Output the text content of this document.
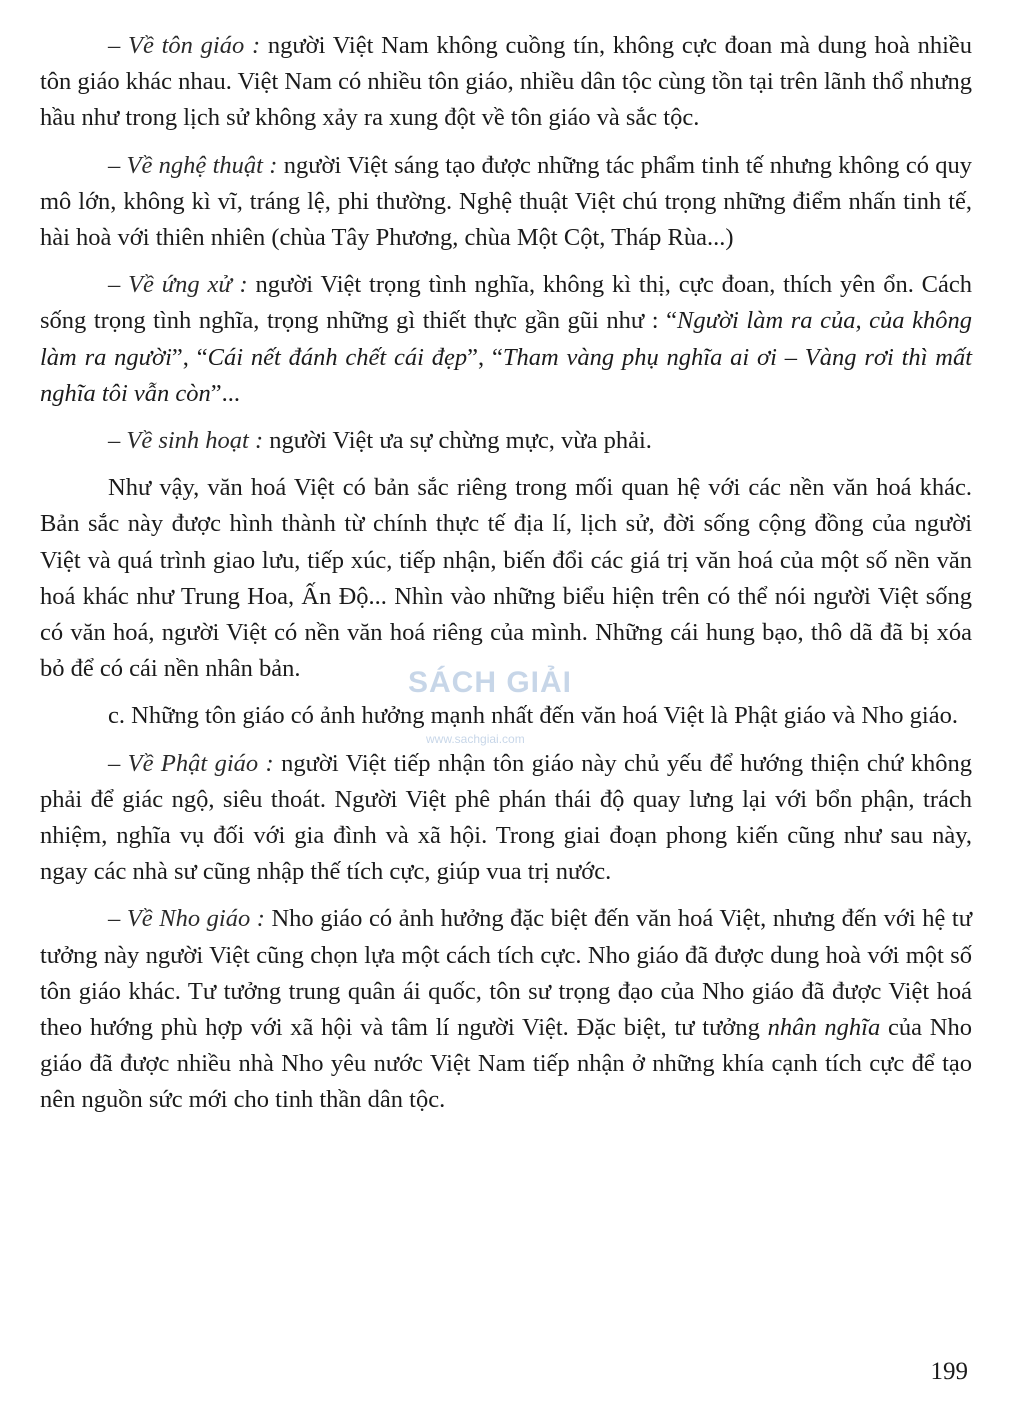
– Về tôn giáo : người Việt Nam không cuồng tín, không cực đoan mà dung hoà nhiều tôn giáo khác nhau. Việt Nam có nhiều tôn giáo, nhiều dân tộc cùng tồn tại trên lãnh thổ nhưng hầu như trong lịch sử không xảy ra xung đột về tôn giáo và sắc tộc.

– Về nghệ thuật : người Việt sáng tạo được những tác phẩm tinh tế nhưng không có quy mô lớn, không kì vĩ, tráng lệ, phi thường. Nghệ thuật Việt chú trọng những điểm nhấn tinh tế, hài hoà với thiên nhiên (chùa Tây Phương, chùa Một Cột, Tháp Rùa...)

– Về ứng xử : người Việt trọng tình nghĩa, không kì thị, cực đoan, thích yên ổn. Cách sống trọng tình nghĩa, trọng những gì thiết thực gần gũi như : “Người làm ra của, của không làm ra người”, “Cái nết đánh chết cái đẹp”, “Tham vàng phụ nghĩa ai ơi – Vàng rơi thì mất nghĩa tôi vẫn còn”...

– Về sinh hoạt : người Việt ưa sự chừng mực, vừa phải.

Như vậy, văn hoá Việt có bản sắc riêng trong mối quan hệ với các nền văn hoá khác. Bản sắc này được hình thành từ chính thực tế địa lí, lịch sử, đời sống cộng đồng của người Việt và quá trình giao lưu, tiếp xúc, tiếp nhận, biến đổi các giá trị văn hoá của một số nền văn hoá khác như Trung Hoa, Ấn Độ... Nhìn vào những biểu hiện trên có thể nói người Việt sống có văn hoá, người Việt có nền văn hoá riêng của mình. Những cái hung bạo, thô dã đã bị xóa bỏ để có cái nền nhân bản.

c. Những tôn giáo có ảnh hưởng mạnh nhất đến văn hoá Việt là Phật giáo và Nho giáo.

– Về Phật giáo : người Việt tiếp nhận tôn giáo này chủ yếu để hướng thiện chứ không phải để giác ngộ, siêu thoát. Người Việt phê phán thái độ quay lưng lại với bổn phận, trách nhiệm, nghĩa vụ đối với gia đình và xã hội. Trong giai đoạn phong kiến cũng như sau này, ngay các nhà sư cũng nhập thế tích cực, giúp vua trị nước.

– Về Nho giáo : Nho giáo có ảnh hưởng đặc biệt đến văn hoá Việt, nhưng đến với hệ tư tưởng này người Việt cũng chọn lựa một cách tích cực. Nho giáo đã được dung hoà với một số tôn giáo khác. Tư tưởng trung quân ái quốc, tôn sư trọng đạo của Nho giáo đã được Việt hoá theo hướng phù hợp với xã hội và tâm lí người Việt. Đặc biệt, tư tưởng nhân nghĩa của Nho giáo đã được nhiều nhà Nho yêu nước Việt Nam tiếp nhận ở những khía cạnh tích cực để tạo nên nguồn sức mới cho tinh thần dân tộc.

SÁCH GIẢI
www.sachgiai.com
199
